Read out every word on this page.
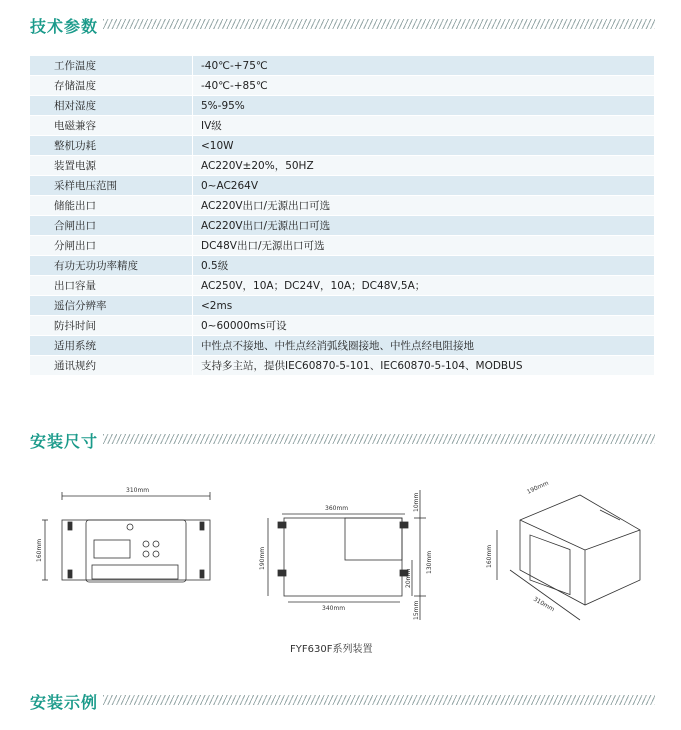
技术参数
工作温度	-40℃-+75℃
存储温度	-40℃-+85℃
相对湿度	5%-95%
电磁兼容	IV级
整机功耗	<10W
装置电源	AC220V±20%，50HZ
采样电压范围	0~AC264V
储能出口	AC220V出口/无源出口可选
合闸出口	AC220V出口/无源出口可选
分闸出口	DC48V出口/无源出口可选
有功无功功率精度	0.5级
出口容量	AC250V，10A；DC24V，10A；DC48V,5A；
遥信分辨率	<2ms
防抖时间	0~60000ms可设
适用系统	中性点不接地、中性点经消弧线圈接地、中性点经电阻接地
通讯规约	支持多主站，提供IEC60870-5-101、IEC60870-5-104、MODBUS
安装尺寸
310mm
160mm
360mm
340mm
190mm
10mm
20mm
130mm
15mm
190mm
160mm
310mm
FYF630F系列装置
安装示例
